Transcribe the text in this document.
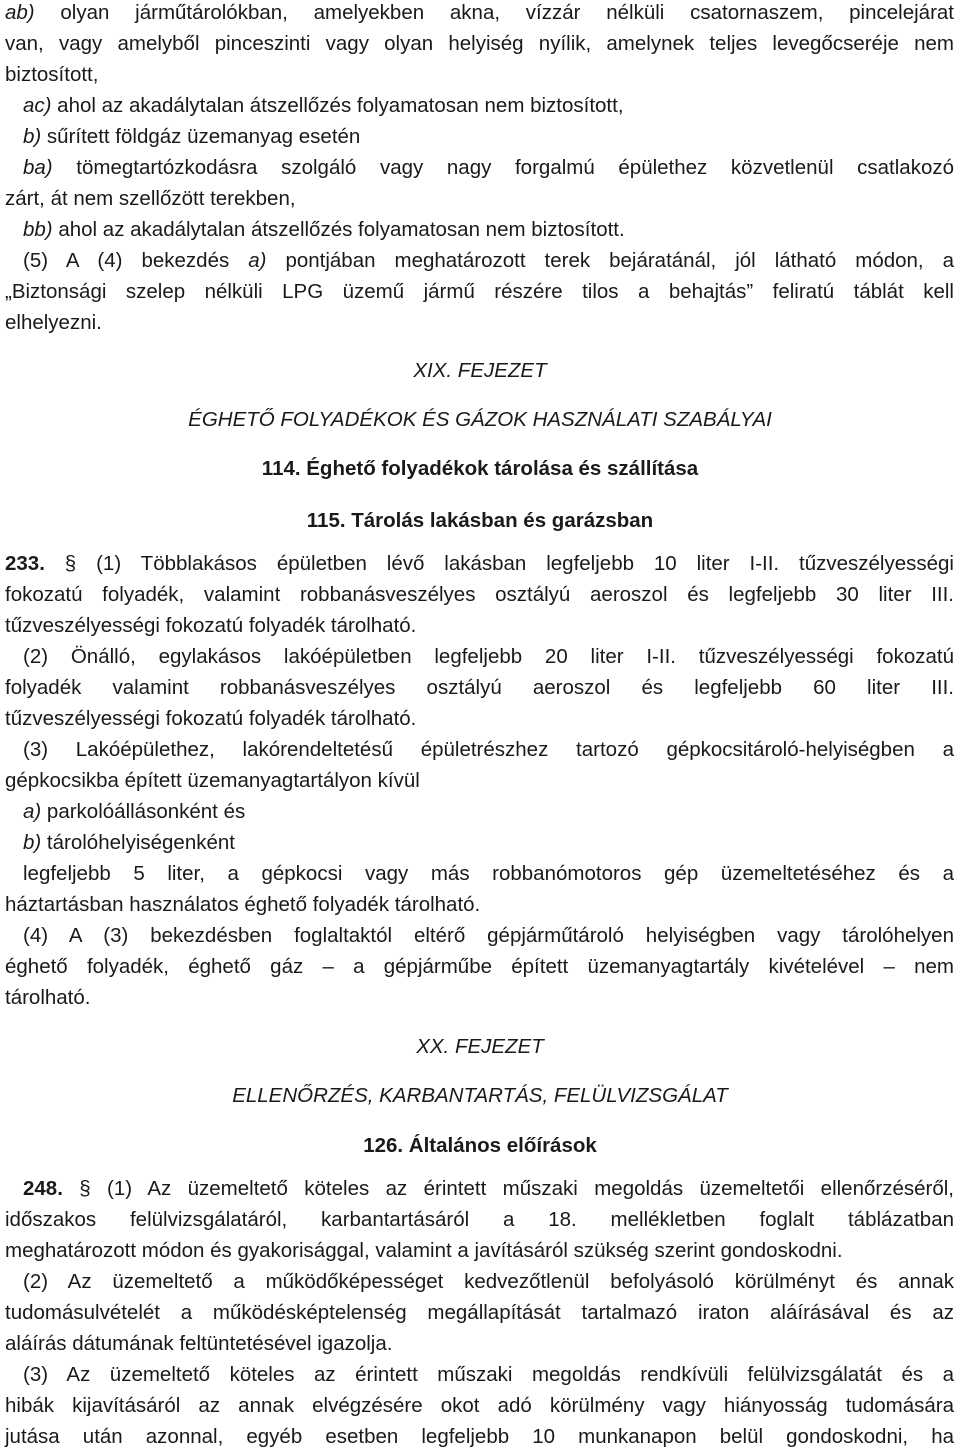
ab) olyan járműtárolókban, amelyekben akna, vízzár nélküli csatornaszem, pincelejárat
van, vagy amelyből pinceszinti vagy olyan helyiség nyílik, amelynek teljes levegőcseréje nem
biztosított,
ac) ahol az akadálytalan átszellőzés folyamatosan nem biztosított,
b) sűrített földgáz üzemanyag esetén
ba) tömegtartózkodásra szolgáló vagy nagy forgalmú épülethez közvetlenül csatlakozó
zárt, át nem szellőzött terekben,
bb) ahol az akadálytalan átszellőzés folyamatosan nem biztosított.
(5) A (4) bekezdés a) pontjában meghatározott terek bejáratánál, jól látható módon, a
„Biztonsági szelep nélküli LPG üzemű jármű részére tilos a behajtás” feliratú táblát kell
elhelyezni.
XIX. FEJEZET
ÉGHETŐ FOLYADÉKOK ÉS GÁZOK HASZNÁLATI SZABÁLYAI
114. Éghető folyadékok tárolása és szállítása
115. Tárolás lakásban és garázsban
233. § (1) Többlakásos épületben lévő lakásban legfeljebb 10 liter I-II. tűzveszélyességi
fokozatú folyadék, valamint robbanásveszélyes osztályú aeroszol és legfeljebb 30 liter III.
tűzveszélyességi fokozatú folyadék tárolható.
(2) Önálló, egylakásos lakóépületben legfeljebb 20 liter I-II. tűzveszélyességi fokozatú
folyadék valamint robbanásveszélyes osztályú aeroszol és legfeljebb 60 liter III.
tűzveszélyességi fokozatú folyadék tárolható.
(3) Lakóépülethez, lakórendeltetésű épületrészhez tartozó gépkocsitároló-helyiségben a
gépkocsikba épített üzemanyagtartályon kívül
a) parkolóállásonként és
b) tárolóhelyiségenként
legfeljebb 5 liter, a gépkocsi vagy más robbanómotoros gép üzemeltetéséhez és a
háztartásban használatos éghető folyadék tárolható.
(4) A (3) bekezdésben foglaltaktól eltérő gépjárműtároló helyiségben vagy tárolóhelyen
éghető folyadék, éghető gáz – a gépjárműbe épített üzemanyagtartály kivételével – nem
tárolható.
XX. FEJEZET
ELLENŐRZÉS, KARBANTARTÁS, FELÜLVIZSGÁLAT
126. Általános előírások
248. § (1) Az üzemeltető köteles az érintett műszaki megoldás üzemeltetői ellenőrzéséről,
időszakos felülvizsgálatáról, karbantartásáról a 18. mellékletben foglalt táblázatban
meghatározott módon és gyakorisággal, valamint a javításáról szükség szerint gondoskodni.
(2) Az üzemeltető a működőképességet kedvezőtlenül befolyásoló körülményt és annak
tudomásulvételét a működésképtelenség megállapítását tartalmazó iraton aláírásával és az
aláírás dátumának feltüntetésével igazolja.
(3) Az üzemeltető köteles az érintett műszaki megoldás rendkívüli felülvizsgálatát és a
hibák kijavításáról az annak elvégzésére okot adó körülmény vagy hiányosság tudomására
jutása után azonnal, egyéb esetben legfeljebb 10 munkanapon belül gondoskodni, ha
